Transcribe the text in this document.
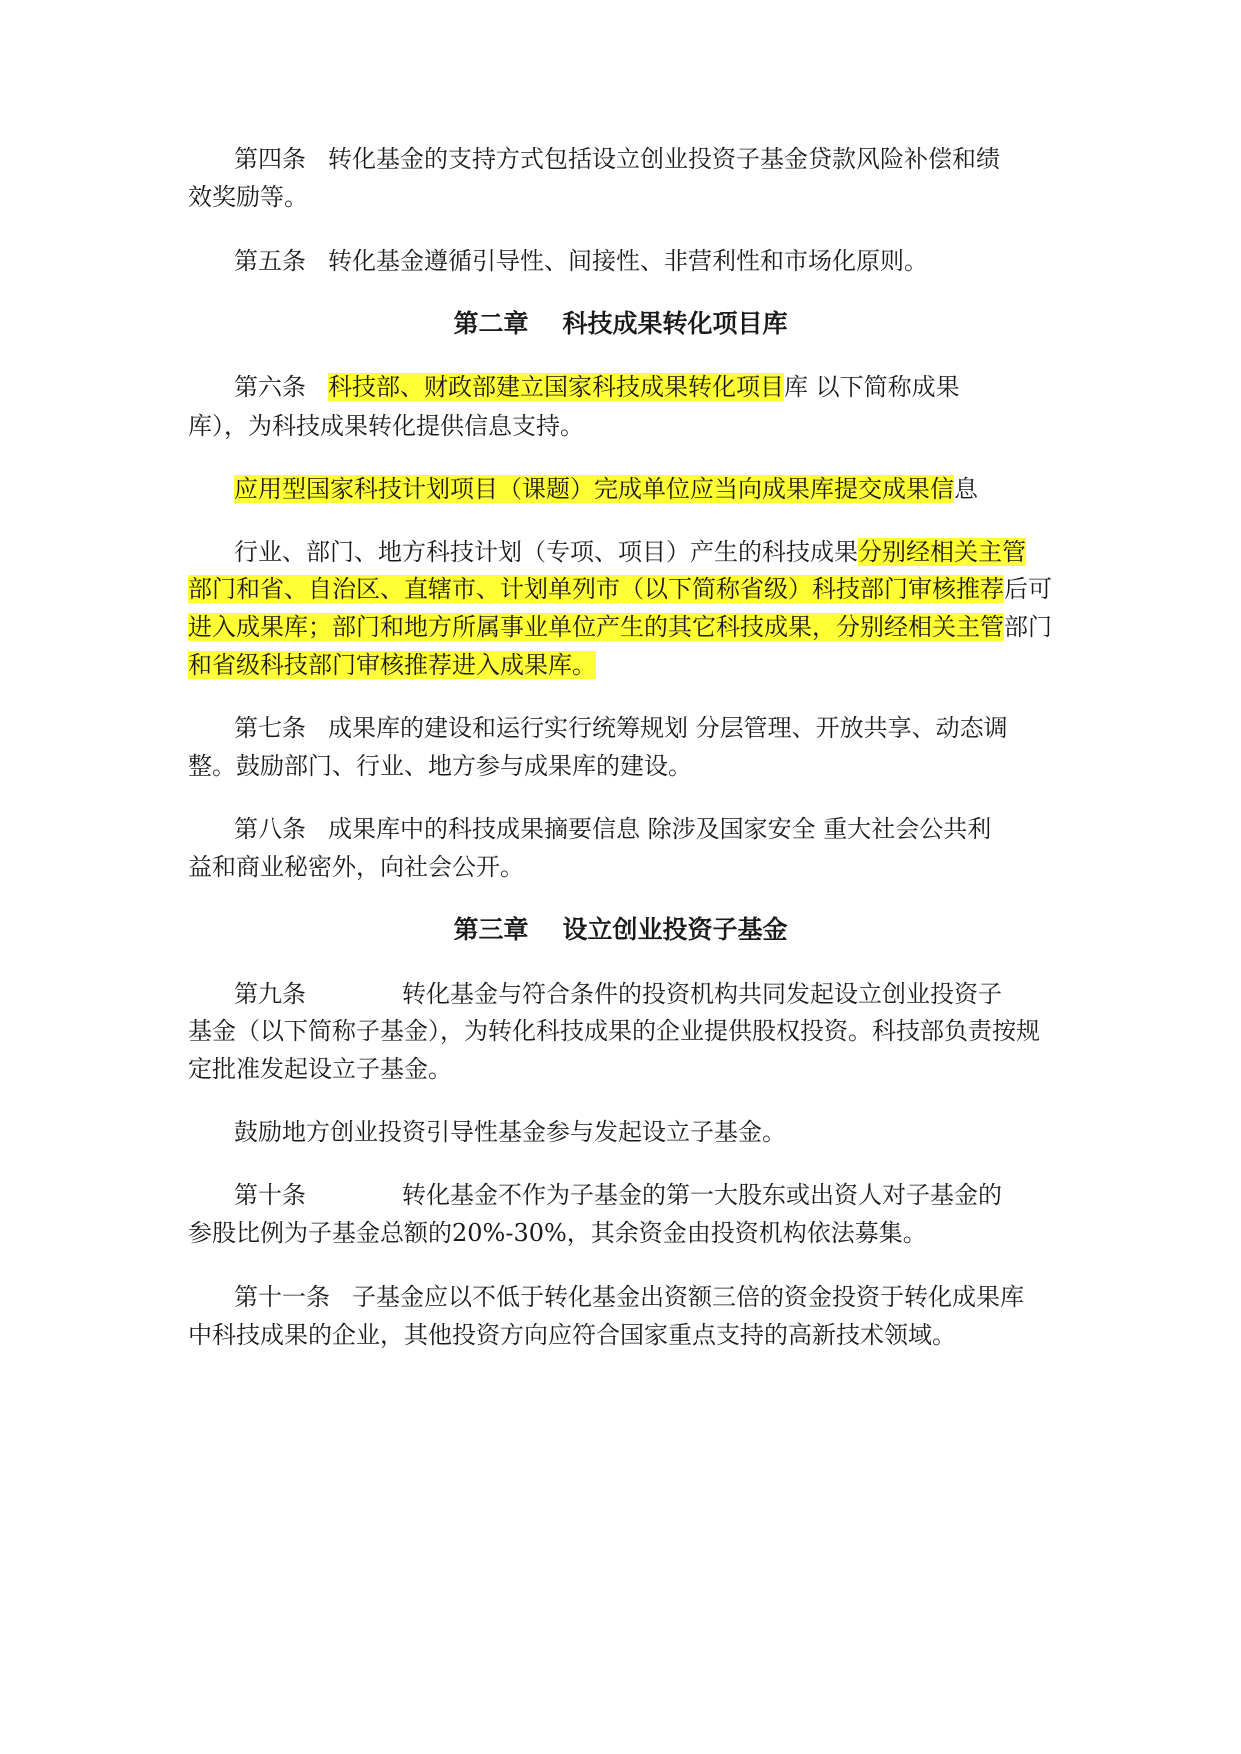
第四条 转化基金的支持方式包括设立创业投资子基金贷款风险补偿和绩
效奖励等。
第五条 转化基金遵循引导性、间接性、非营利性和市场化原则。
第二章 科技成果转化项目库
第六条 科技部、财政部建立国家科技成果转化项目库 以下简称成果
库），为科技成果转化提供信息支持。
应用型国家科技计划项目（课题）完成单位应当向成果库提交成果信息
行业、部门、地方科技计划（专项、项目）产生的科技成果分别经相关主管
部门和省、自治区、直辖市、计划单列市（以下简称省级）科技部门审核推荐后可
进入成果库；部门和地方所属事业单位产生的其它科技成果，分别经相关主管部门
和省级科技部门审核推荐进入成果库。
第七条 成果库的建设和运行实行统筹规划 分层管理、开放共享、动态调
整。鼓励部门、行业、地方参与成果库的建设。
第八条 成果库中的科技成果摘要信息 除涉及国家安全 重大社会公共利
益和商业秘密外，向社会公开。
第三章 设立创业投资子基金
第九条	转化基金与符合条件的投资机构共同发起设立创业投资子
基金（以下简称子基金），为转化科技成果的企业提供股权投资。科技部负责按规
定批准发起设立子基金。
鼓励地方创业投资引导性基金参与发起设立子基金。
第十条	转化基金不作为子基金的第一大股东或出资人对子基金的
参股比例为子基金总额的20%-30%，其余资金由投资机构依法募集。
第十一条 子基金应以不低于转化基金出资额三倍的资金投资于转化成果库
中科技成果的企业，其他投资方向应符合国家重点支持的高新技术领域。
